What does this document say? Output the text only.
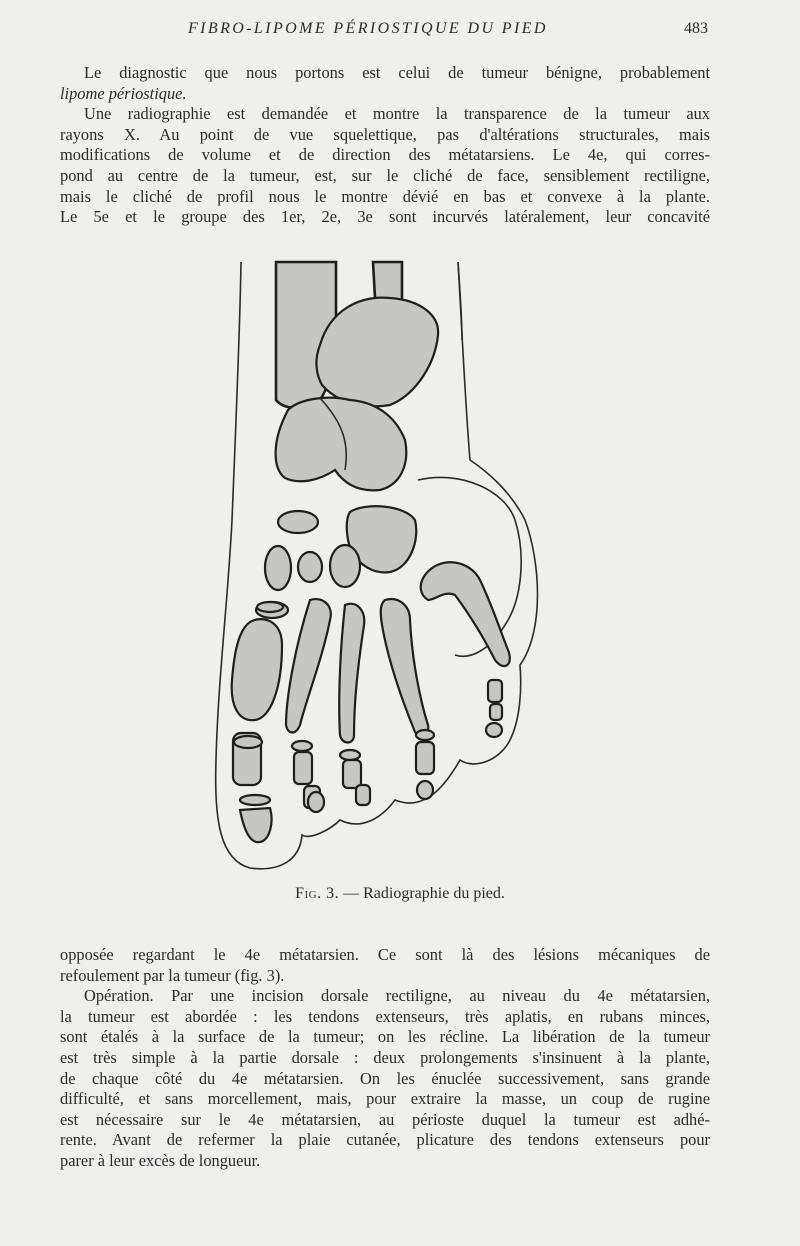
FIBRO-LIPOME PÉRIOSTIQUE DU PIED	483
Le diagnostic que nous portons est celui de tumeur bénigne, probablement
lipome périostique.
Une radiographie est demandée et montre la transparence de la tumeur aux
rayons X. Au point de vue squelettique, pas d'altérations structurales, mais
modifications de volume et de direction des métatarsiens. Le 4e, qui corres-
pond au centre de la tumeur, est, sur le cliché de face, sensiblement rectiligne,
mais le cliché de profil nous le montre dévié en bas et convexe à la plante.
Le 5e et le groupe des 1er, 2e, 3e sont incurvés latéralement, leur concavité
Fig. 3. — Radiographie du pied.
opposée regardant le 4e métatarsien. Ce sont là des lésions mécaniques de
refoulement par la tumeur (fig. 3).
Opération. Par une incision dorsale rectiligne, au niveau du 4e métatarsien,
la tumeur est abordée : les tendons extenseurs, très aplatis, en rubans minces,
sont étalés à la surface de la tumeur; on les récline. La libération de la tumeur
est très simple à la partie dorsale : deux prolongements s'insinuent à la plante,
de chaque côté du 4e métatarsien. On les énuclée successivement, sans grande
difficulté, et sans morcellement, mais, pour extraire la masse, un coup de rugine
est nécessaire sur le 4e métatarsien, au périoste duquel la tumeur est adhé-
rente. Avant de refermer la plaie cutanée, plicature des tendons extenseurs pour
parer à leur excès de longueur.
